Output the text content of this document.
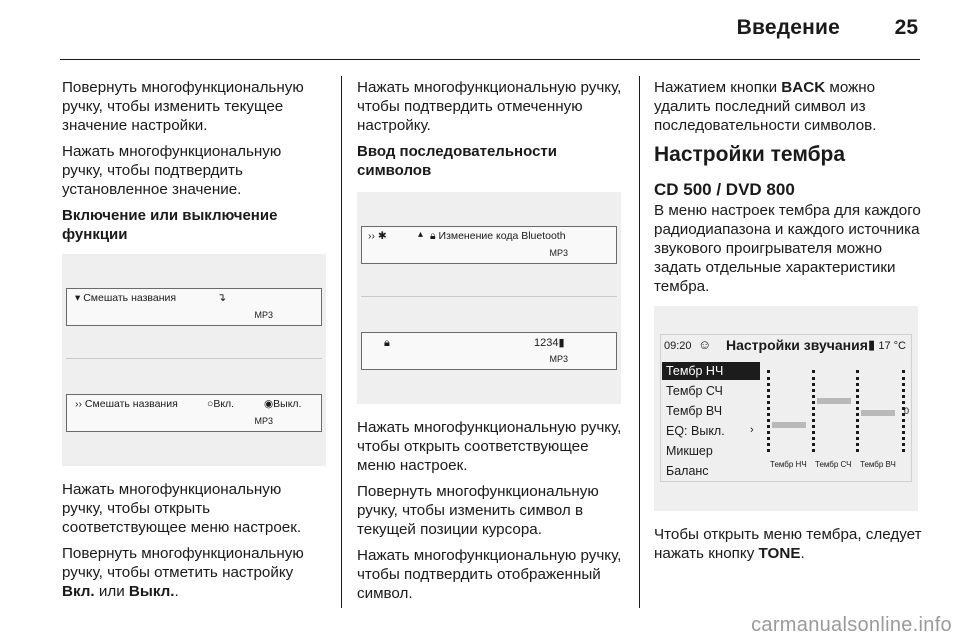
Введение	25

Повернуть многофункциональную ручку, чтобы изменить текущее значение настройки.

Нажать многофункциональную ручку, чтобы подтвердить установленное значение.

Включение или выключение функции
▾ Смешать названия	↴
MP3
›› Смешать названия	○Вкл.	◉Выкл.
MP3

Нажать многофункциональную ручку, чтобы открыть соответствующее меню настроек.

Повернуть многофункциональную ручку, чтобы отметить настройку Вкл. или Выкл..

Нажать многофункциональную ручку, чтобы подтвердить отмеченную настройку.

Ввод последовательности символов
›› ✱	▴ 🔒︎ Изменение кода Bluetooth
MP3
🔒︎	1234▮
MP3

Нажать многофункциональную ручку, чтобы открыть соответствующее меню настроек.

Повернуть многофункциональную ручку, чтобы изменить символ в текущей позиции курсора.

Нажать многофункциональную ручку, чтобы подтвердить отображенный символ.

Нажатием кнопки BACK можно удалить последний символ из последовательности символов.

Настройки тембра
CD 500 / DVD 800

В меню настроек тембра для каждого радиодиапазона и каждого источника звукового проигрывателя можно задать отдельные характеристики тембра.

09:20 ☺ Настройки звучания ▮ 17 °C
Тембр НЧ
Тембр СЧ
Тембр ВЧ
EQ: Выкл.	›
Микшер
Баланс
0
Тембр НЧ Тембр СЧ Тембр ВЧ

Чтобы открыть меню тембра, следует нажать кнопку TONE.

carmanualsonline.info
